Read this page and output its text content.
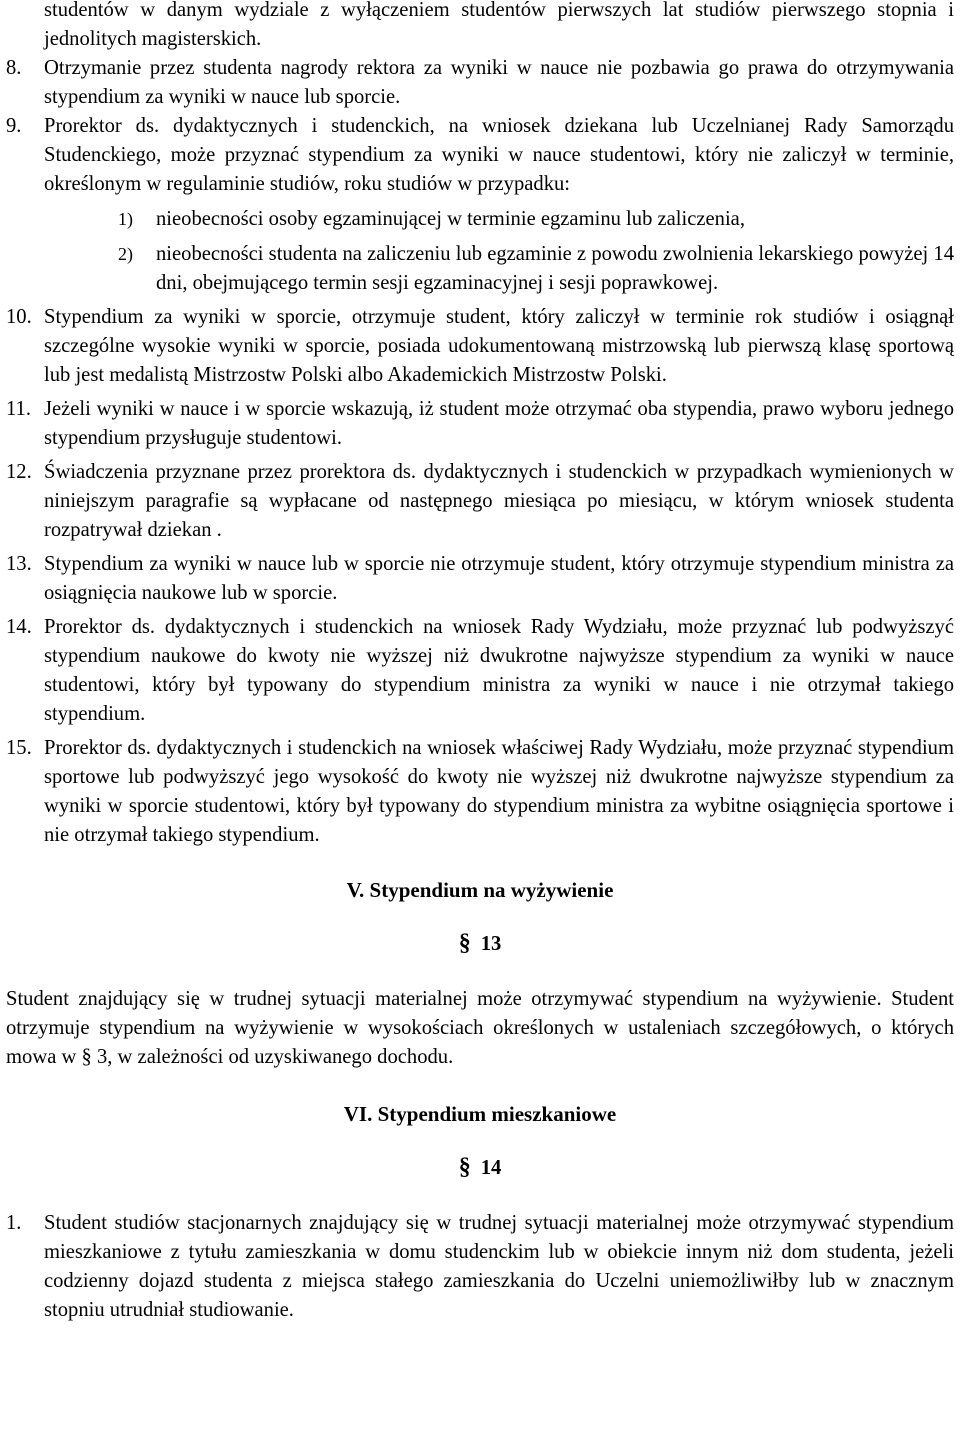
studentów w danym wydziale z wyłączeniem studentów pierwszych lat studiów pierwszego stopnia i jednolitych magisterskich.

8. Otrzymanie przez studenta nagrody rektora za wyniki w nauce nie pozbawia go prawa do otrzymywania stypendium za wyniki w nauce lub sporcie.
9. Prorektor ds. dydaktycznych i studenckich, na wniosek dziekana lub Uczelnianej Rady Samorządu Studenckiego, może przyznać stypendium za wyniki w nauce studentowi, który nie zaliczył w terminie, określonym w regulaminie studiów, roku studiów w przypadku:
1) nieobecności osoby egzaminującej w terminie egzaminu lub zaliczenia,
2) nieobecności studenta na zaliczeniu lub egzaminie z powodu zwolnienia lekarskiego powyżej 14 dni, obejmującego termin sesji egzaminacyjnej i sesji poprawkowej.
10. Stypendium za wyniki w sporcie, otrzymuje student, który zaliczył w terminie rok studiów i osiągnął szczególne wysokie wyniki w sporcie, posiada udokumentowaną mistrzowską lub pierwszą klasę sportową lub jest medalistą Mistrzostw Polski albo Akademickich Mistrzostw Polski.
11. Jeżeli wyniki w nauce i w sporcie wskazują, iż student może otrzymać oba stypendia, prawo wyboru jednego stypendium przysługuje studentowi.
12. Świadczenia przyznane przez prorektora ds. dydaktycznych i studenckich w przypadkach wymienionych w niniejszym paragrafie są wypłacane od następnego miesiąca po miesiącu, w którym wniosek studenta rozpatrywał dziekan .
13. Stypendium za wyniki w nauce lub w sporcie nie otrzymuje student, który otrzymuje stypendium ministra za osiągnięcia naukowe lub w sporcie.
14. Prorektor ds. dydaktycznych i studenckich na wniosek Rady Wydziału, może przyznać lub podwyższyć stypendium naukowe do kwoty nie wyższej niż dwukrotne najwyższe stypendium za wyniki w nauce studentowi, który był typowany do stypendium ministra za wyniki w nauce i nie otrzymał takiego stypendium.
15. Prorektor ds. dydaktycznych i studenckich na wniosek właściwej Rady Wydziału, może przyznać stypendium sportowe lub podwyższyć jego wysokość do kwoty nie wyższej niż dwukrotne najwyższe stypendium za wyniki w sporcie studentowi, który był typowany do stypendium ministra za wybitne osiągnięcia sportowe i nie otrzymał takiego stypendium.
V. Stypendium na wyżywienie
§ 13

Student znajdujący się w trudnej sytuacji materialnej może otrzymywać stypendium na wyżywienie. Student otrzymuje stypendium na wyżywienie w wysokościach określonych w ustaleniach szczegółowych, o których mowa w § 3, w zależności od uzyskiwanego dochodu.

VI. Stypendium mieszkaniowe
§ 14
1. Student studiów stacjonarnych znajdujący się w trudnej sytuacji materialnej może otrzymywać stypendium mieszkaniowe z tytułu zamieszkania w domu studenckim lub w obiekcie innym niż dom studenta, jeżeli codzienny dojazd studenta z miejsca stałego zamieszkania do Uczelni uniemożliwiłby lub w znacznym stopniu utrudniał studiowanie.
